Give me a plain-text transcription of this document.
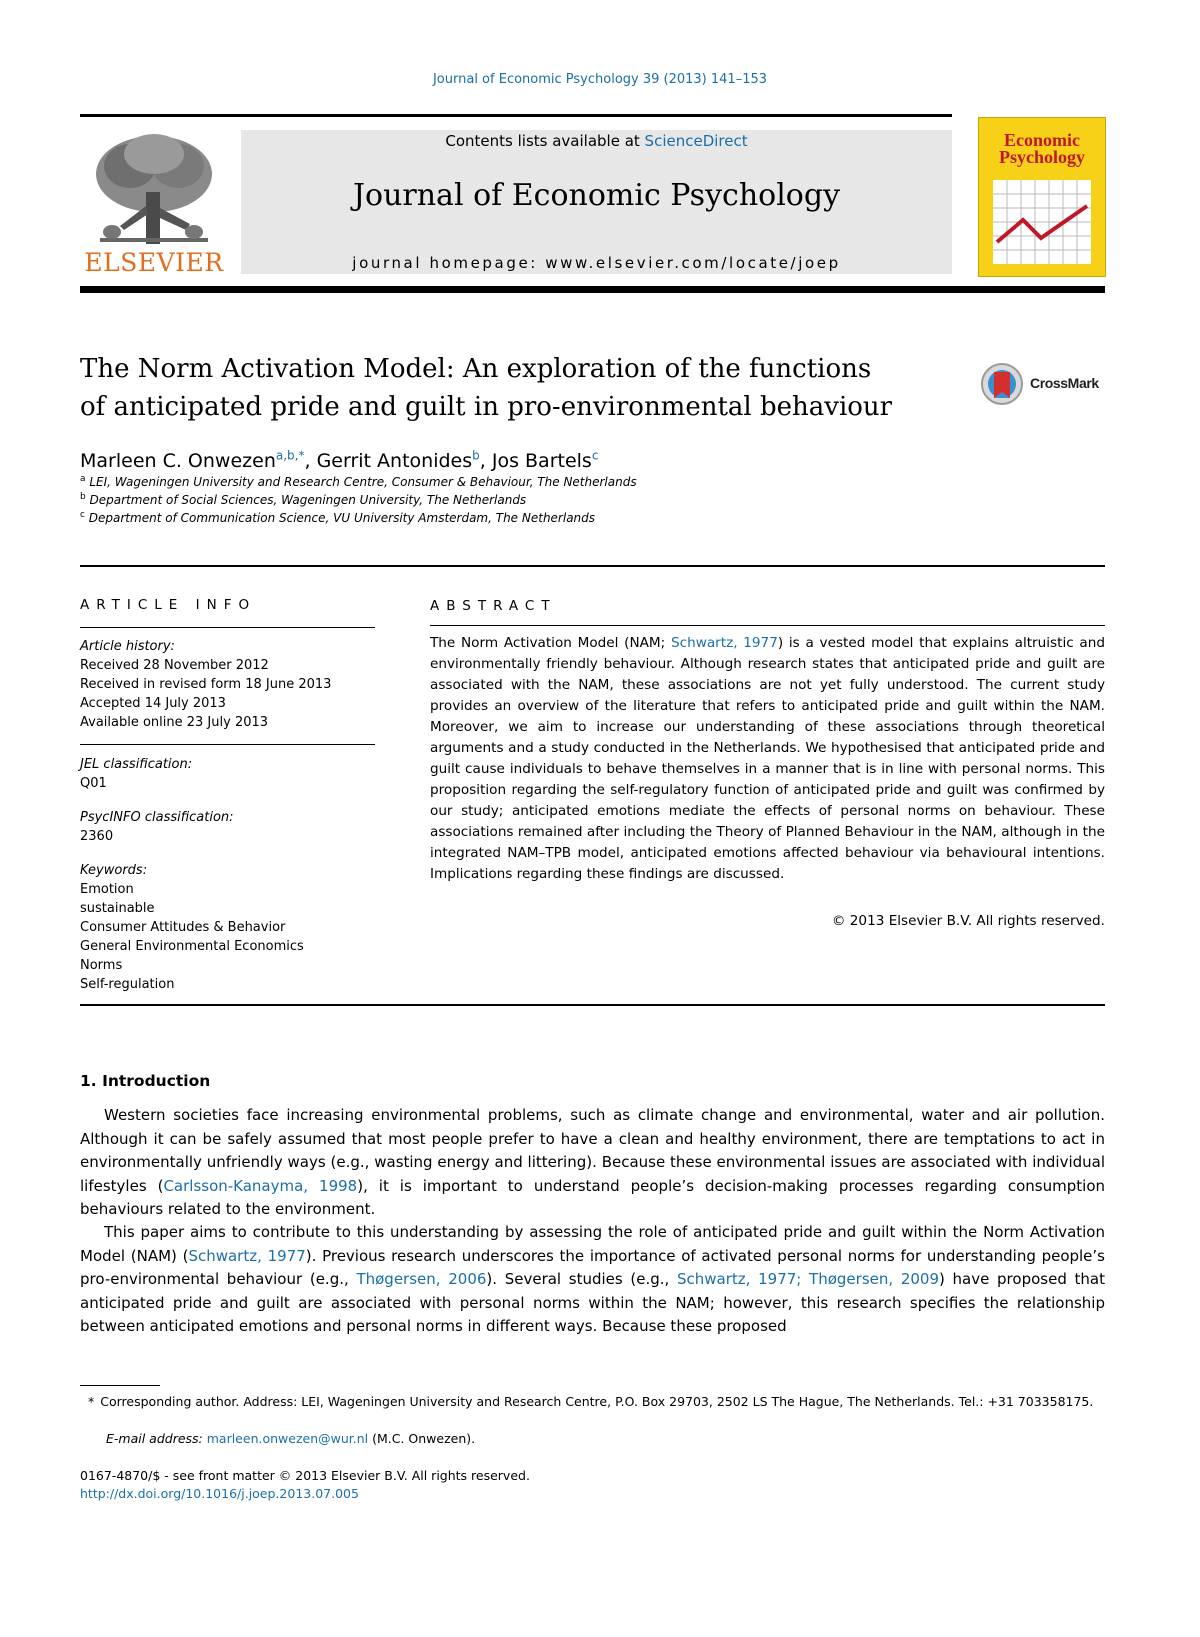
Journal of Economic Psychology 39 (2013) 141–153
ELSEVIER
Contents lists available at ScienceDirect
Journal of Economic Psychology
journal homepage: www.elsevier.com/locate/joep
Economic
Psychology
The Norm Activation Model: An exploration of the functions
of anticipated pride and guilt in pro-environmental behaviour
CrossMark
Marleen C. Onwezen$^{a,b,*}$, Gerrit Antonides$^b$, Jos Bartels$^c$
$^a$ LEI, Wageningen University and Research Centre, Consumer & Behaviour, The Netherlands
$^b$ Department of Social Sciences, Wageningen University, The Netherlands
$^c$ Department of Communication Science, VU University Amsterdam, The Netherlands
ARTICLE INFO
Article history:
Received 28 November 2012
Received in revised form 18 June 2013
Accepted 14 July 2013
Available online 23 July 2013
JEL classification:
Q01
PsycINFO classification:
2360
Keywords:
Emotion
sustainable
Consumer Attitudes & Behavior
General Environmental Economics
Norms
Self-regulation
ABSTRACT
The Norm Activation Model (NAM; Schwartz, 1977) is a vested model that explains altruistic and environmentally friendly behaviour. Although research states that anticipated pride and guilt are associated with the NAM, these associations are not yet fully understood. The current study provides an overview of the literature that refers to anticipated pride and guilt within the NAM. Moreover, we aim to increase our understanding of these associations through theoretical arguments and a study conducted in the Netherlands. We hypothesised that anticipated pride and guilt cause individuals to behave themselves in a manner that is in line with personal norms. This proposition regarding the self-regulatory function of anticipated pride and guilt was confirmed by our study; anticipated emotions mediate the effects of personal norms on behaviour. These associations remained after including the Theory of Planned Behaviour in the NAM, although in the integrated NAM–TPB model, anticipated emotions affected behaviour via behavioural intentions. Implications regarding these findings are discussed.
© 2013 Elsevier B.V. All rights reserved.
1. Introduction
Western societies face increasing environmental problems, such as climate change and environmental, water and air pollution. Although it can be safely assumed that most people prefer to have a clean and healthy environment, there are temptations to act in environmentally unfriendly ways (e.g., wasting energy and littering). Because these environmental issues are associated with individual lifestyles (Carlsson-Kanayma, 1998), it is important to understand people’s decision-making processes regarding consumption behaviours related to the environment.
This paper aims to contribute to this understanding by assessing the role of anticipated pride and guilt within the Norm Activation Model (NAM) (Schwartz, 1977). Previous research underscores the importance of activated personal norms for understanding people’s pro-environmental behaviour (e.g., Thøgersen, 2006). Several studies (e.g., Schwartz, 1977; Thøgersen, 2009) have proposed that anticipated pride and guilt are associated with personal norms within the NAM; however, this research specifies the relationship between anticipated emotions and personal norms in different ways. Because these proposed
* Corresponding author. Address: LEI, Wageningen University and Research Centre, P.O. Box 29703, 2502 LS The Hague, The Netherlands. Tel.: +31 703358175.
E-mail address: marleen.onwezen@wur.nl (M.C. Onwezen).
0167-4870/$ - see front matter © 2013 Elsevier B.V. All rights reserved.
http://dx.doi.org/10.1016/j.joep.2013.07.005
